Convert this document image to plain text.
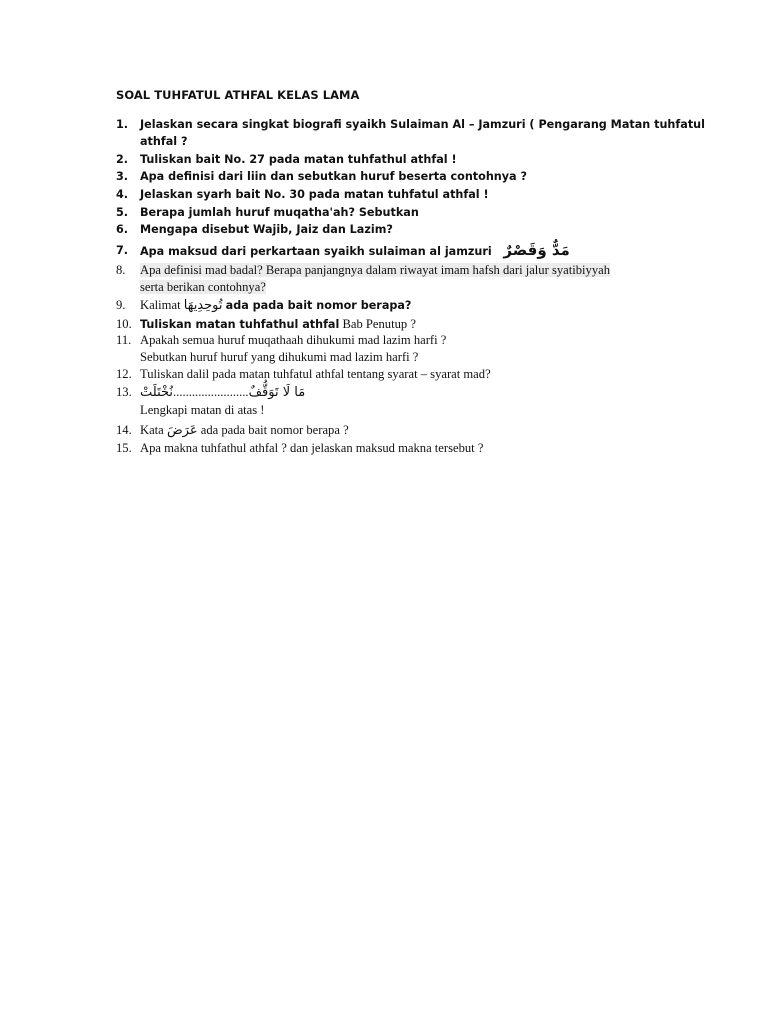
SOAL TUHFATUL ATHFAL KELAS LAMA
1. Jelaskan secara singkat biografi syaikh Sulaiman Al – Jamzuri ( Pengarang Matan tuhfatul
athfal ?
2. Tuliskan bait No. 27 pada matan tuhfathul athfal !
3. Apa definisi dari liin dan sebutkan huruf beserta contohnya ?
4. Jelaskan syarh bait No. 30 pada matan tuhfatul athfal !
5. Berapa jumlah huruf muqatha'ah? Sebutkan
6. Mengapa disebut Wajib, Jaiz dan Lazim?
7. Apa maksud dari perkartaan syaikh sulaiman al jamzuri مَدٌّ وَقَصْرٌ
8. Apa definisi mad badal? Berapa panjangnya dalam riwayat imam hafsh dari jalur syatibiyyah
serta berikan contohnya?
9. Kalimat تُوحِدِيهَا ada pada bait nomor berapa?
10. Tuliskan matan tuhfathul athfal Bab Penutup ?
11. Apakah semua huruf muqathaah dihukumi mad lazim harfi ?
Sebutkan huruf huruf yang dihukumi mad lazim harfi ?
12. Tuliskan dalil pada matan tuhfatul athfal tentang syarat – syarat mad?
13. نُخْتَلَتْ........................مَا لَا تَوَقُّفٌ
Lengkapi matan di atas !
14. Kata عَرَضَ ada pada bait nomor berapa ?
15. Apa makna tuhfathul athfal ? dan jelaskan maksud makna tersebut ?
